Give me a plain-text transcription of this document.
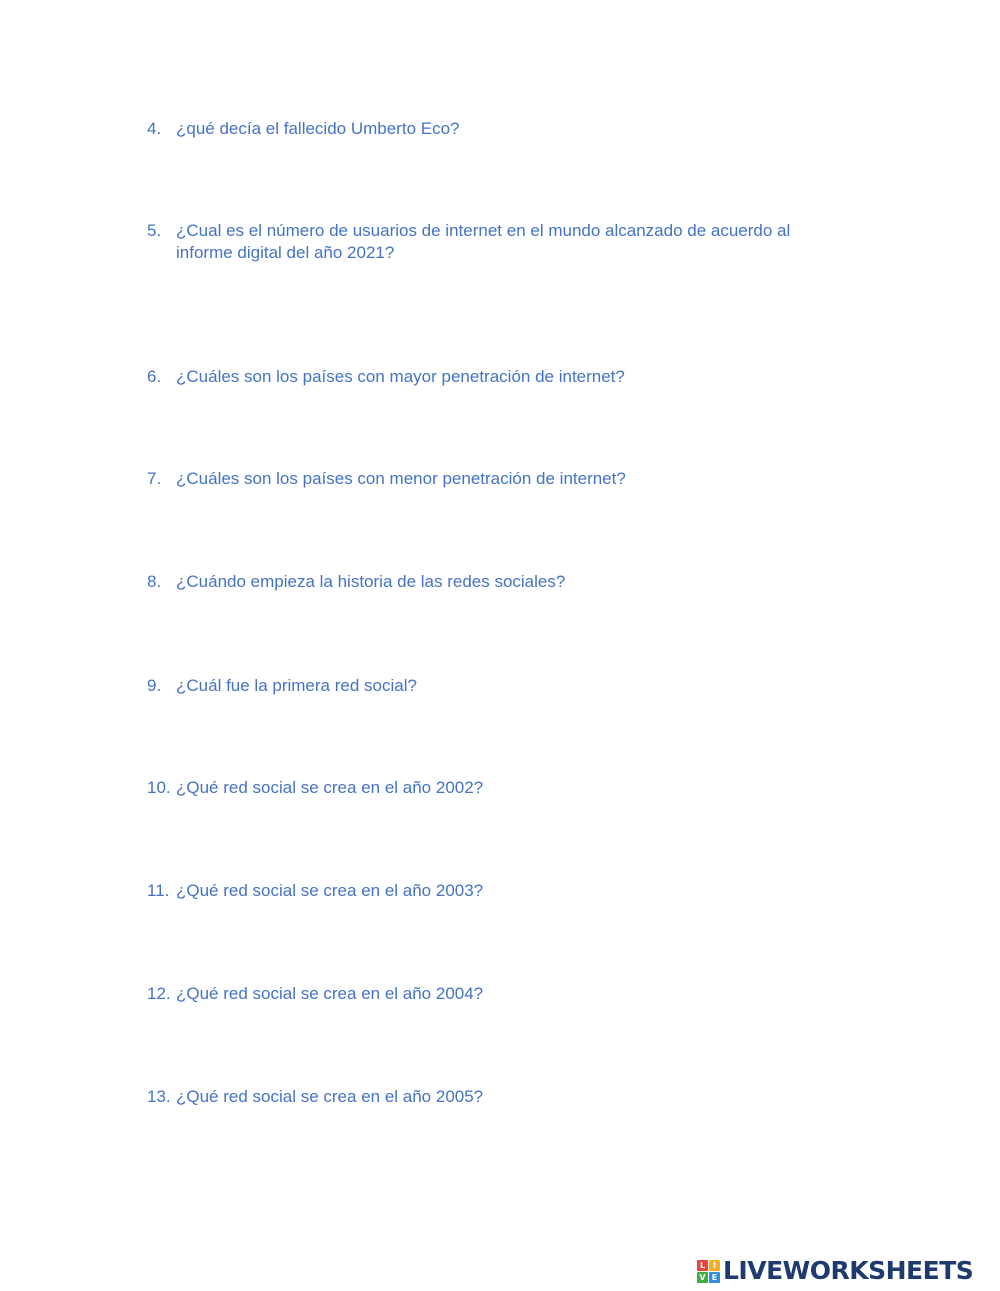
4. ¿qué decía el fallecido Umberto Eco?
5. ¿Cual es el número de usuarios de internet en el mundo alcanzado de acuerdo al informe digital del año 2021?
6. ¿Cuáles son los países con mayor penetración de internet?
7. ¿Cuáles son los países con menor penetración de internet?
8. ¿Cuándo empieza la historia de las redes sociales?
9. ¿Cuál fue la primera red social?
10. ¿Qué red social se crea en el año 2002?
11. ¿Qué red social se crea en el año 2003?
12. ¿Qué red social se crea en el año 2004?
13. ¿Qué red social se crea en el año 2005?
L I
V E LIVEWORKSHEETS
